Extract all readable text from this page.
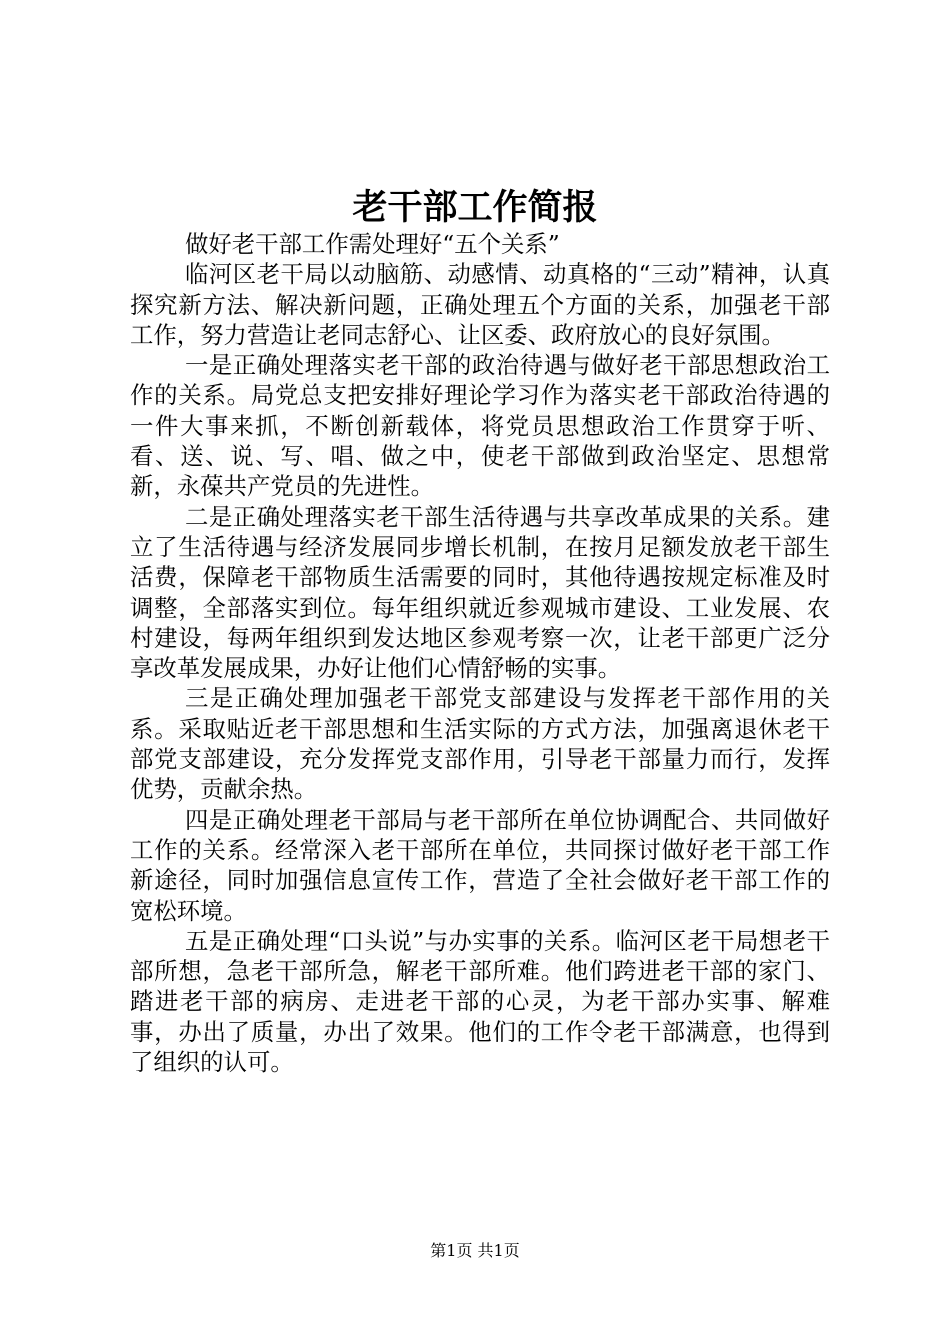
老干部工作简报

做好老干部工作需处理好“五个关系”

临河区老干局以动脑筋、动感情、动真格的“三动”精神，认真探究新方法、解决新问题，正确处理五个方面的关系，加强老干部工作，努力营造让老同志舒心、让区委、政府放心的良好氛围。

一是正确处理落实老干部的政治待遇与做好老干部思想政治工作的关系。局党总支把安排好理论学习作为落实老干部政治待遇的一件大事来抓，不断创新载体，将党员思想政治工作贯穿于听、看、送、说、写、唱、做之中，使老干部做到政治坚定、思想常新，永葆共产党员的先进性。

二是正确处理落实老干部生活待遇与共享改革成果的关系。建立了生活待遇与经济发展同步增长机制，在按月足额发放老干部生活费，保障老干部物质生活需要的同时，其他待遇按规定标准及时调整，全部落实到位。每年组织就近参观城市建设、工业发展、农村建设，每两年组织到发达地区参观考察一次，让老干部更广泛分享改革发展成果，办好让他们心情舒畅的实事。

三是正确处理加强老干部党支部建设与发挥老干部作用的关系。采取贴近老干部思想和生活实际的方式方法，加强离退休老干部党支部建设，充分发挥党支部作用，引导老干部量力而行，发挥优势，贡献余热。

四是正确处理老干部局与老干部所在单位协调配合、共同做好工作的关系。经常深入老干部所在单位，共同探讨做好老干部工作新途径，同时加强信息宣传工作，营造了全社会做好老干部工作的宽松环境。

五是正确处理“口头说”与办实事的关系。临河区老干局想老干部所想，急老干部所急，解老干部所难。他们跨进老干部的家门、踏进老干部的病房、走进老干部的心灵，为老干部办实事、解难事，办出了质量，办出了效果。他们的工作令老干部满意，也得到了组织的认可。

第1页 共1页
